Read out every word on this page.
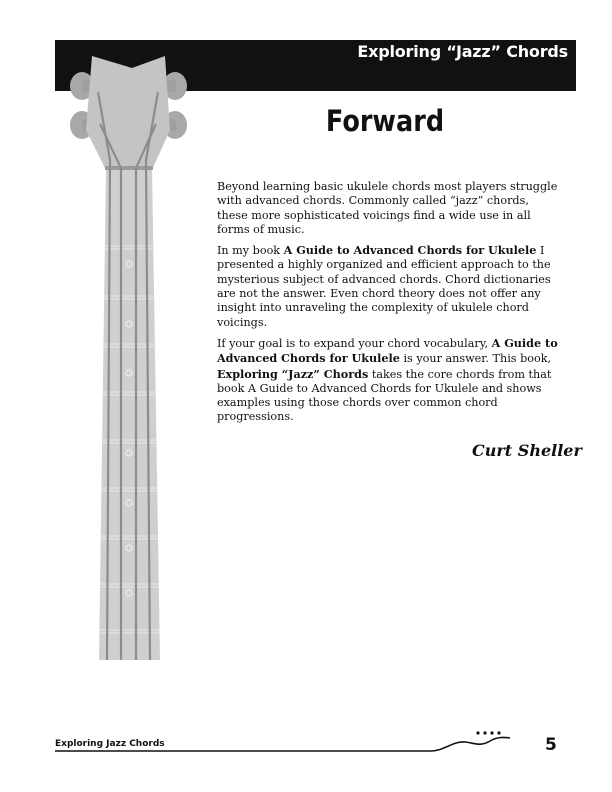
Exploring “Jazz” Chords
Forward

Beyond learning basic ukulele chords most players struggle with advanced chords. Commonly called “jazz” chords, these more sophisticated voicings find a wide use in all forms of music.

In my book A Guide to Advanced Chords for Ukulele I presented a highly organized and efficient approach to the mysterious subject of advanced chords. Chord dictionaries are not the answer. Even chord theory does not offer any insight into unraveling the complexity of ukulele chord voicings.

If your goal is to expand your chord vocabulary, A Guide to Advanced Chords for Ukulele is your answer. This book, Exploring “Jazz” Chords takes the core chords from that book A Guide to Advanced Chords for Ukulele and shows examples using those chords over common chord progressions.

Curt Sheller
Exploring Jazz Chords	5
